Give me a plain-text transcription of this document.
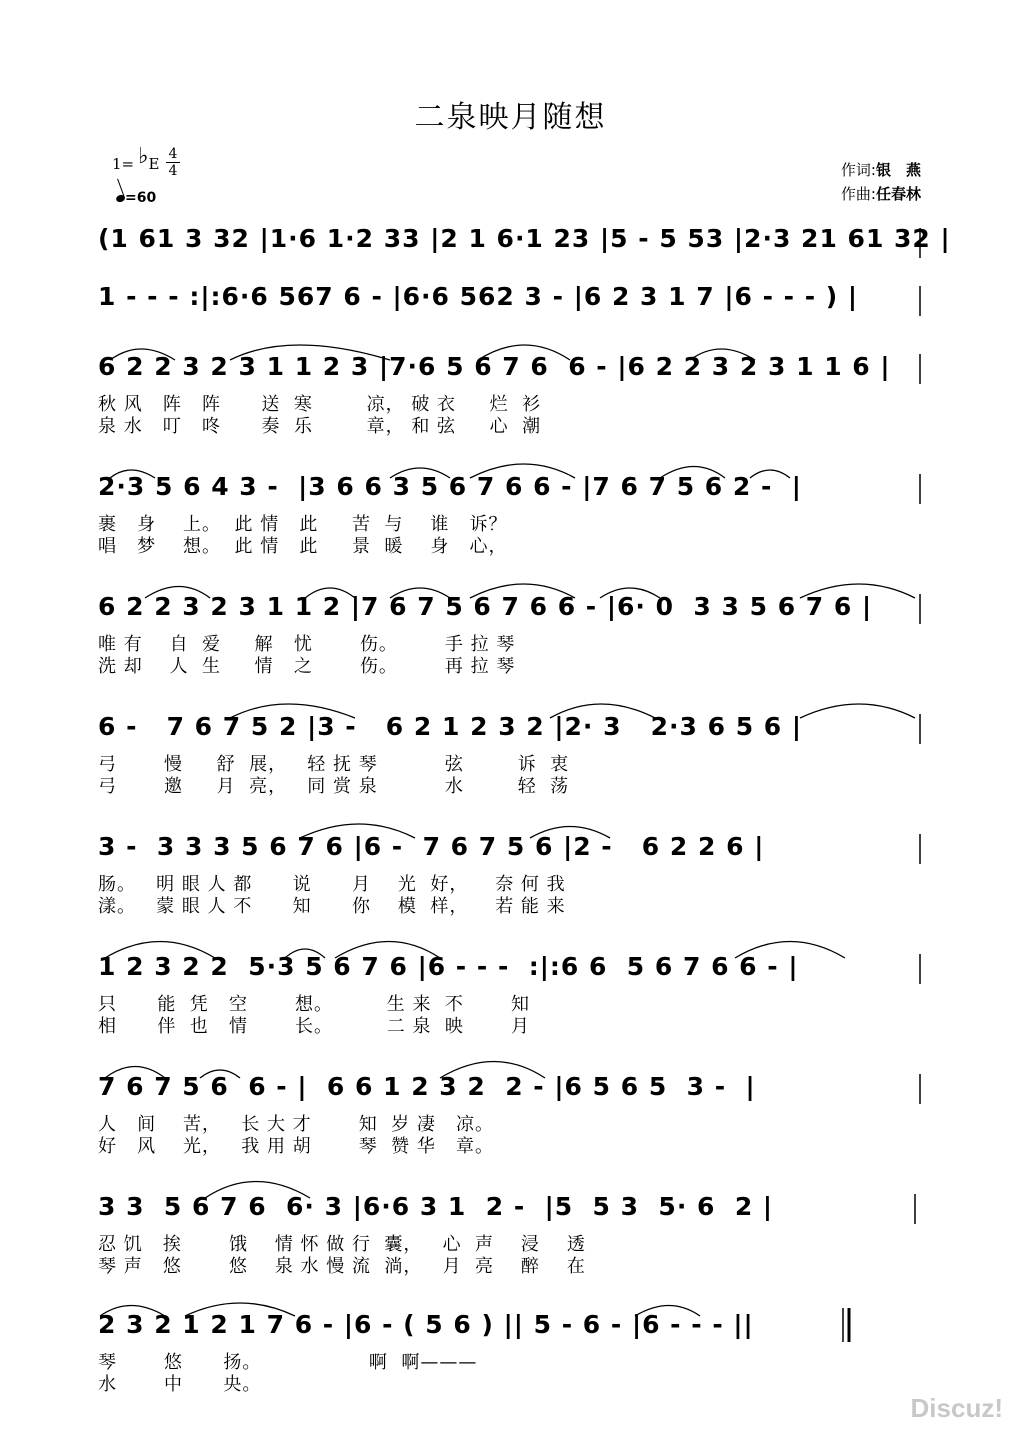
二泉映月随想
1= ♭E
4
4
=60
作词:银　燕
作曲:任春林
(1 61 3 32 |1·6 1·2 33 |2 1 6·1 23 |5 - 5 53 |2·3 21 61 32 |
1 - - - :|:6·6 567 6 - |6·6 562 3 - |6 2 3 1 7 |6 - - - ) |
6 2 2 3 2 3 1 1 2 3 |7·6 5 6 7 6  6 - |6 2 2 3 2 3 1 1 6 |
秋 风   阵   阵      送  寒        凉， 破 衣     烂  衫
泉 水   叮   咚      奏  乐        章， 和 弦     心  潮
2·3 5 6 4 3 -  |3 6 6 3 5 6 7 6 6 - |7 6 7 5 6 2 -  |
裹   身    上。  此 情   此     苦  与    谁   诉？
唱   梦    想。  此 情   此     景  暖    身   心，
6 2 2 3 2 3 1 1 2 |7 6 7 5 6 7 6 6 - |6· 0  3 3 5 6 7 6 |
唯 有    自  爱     解   忧       伤。       手 拉 琴
洗 却    人  生     情   之       伤。       再 拉 琴
6 -   7 6 7 5 2 |3 -   6 2 1 2 3 2 |2· 3   2·3 6 5 6 |
弓       慢     舒  展，   轻 抚 琴          弦        诉  衷
弓       邀     月  亮，   同 赏 泉          水        轻  荡
3 -  3 3 3 5 6 7 6 |6 -  7 6 7 5 6 |2 -   6 2 2 6 |
肠。   明 眼 人 都      说      月    光  好，    奈 何 我
漾。   蒙 眼 人 不      知      你    模  样，    若 能 来
1 2 3 2 2  5·3 5 6 7 6 |6 - - -  :|:6 6  5 6 7 6 6 - |
只      能  凭   空       想。        生 来  不       知
相      伴  也   情       长。        二 泉  映       月
7 6 7 5 6  6 - |  6 6 1 2 3 2  2 - |6 5 6 5  3 -  |
人   间    苦，   长 大 才       知  岁 凄   凉。
好   风    光，   我 用 胡       琴  赞 华   章。
3 3  5 6 7 6  6· 3 |6·6 3 1  2 -  |5  5 3  5· 6  2 |
忍 饥   挨       饿    情 怀 做 行  囊，   心  声    浸    透
琴 声   悠       悠    泉 水 慢 流  淌，   月  亮    醉    在
2 3 2 1 2 1 7 6 - |6 - ( 5 6 ) || 5 - 6 - |6 - - - ||
琴       悠      扬。                啊  啊———
水       中      央。
Discuz!
